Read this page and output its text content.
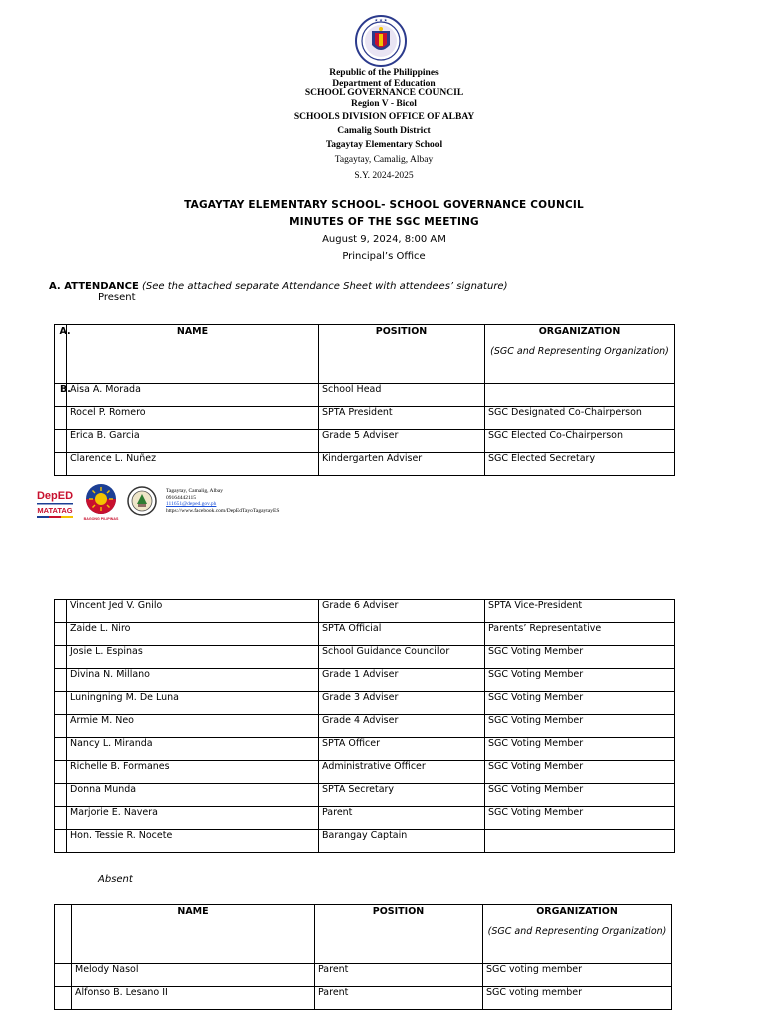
★ ★ ★
Republic of the Philippines
Department of Education
SCHOOL GOVERNANCE COUNCIL
Region V - Bicol
SCHOOLS DIVISION OFFICE OF ALBAY
Camalig South District
Tagaytay Elementary School
Tagaytay, Camalig, Albay
S.Y. 2024-2025
TAGAYTAY ELEMENTARY SCHOOL- SCHOOL GOVERNANCE COUNCIL
MINUTES OF THE SGC MEETING
August 9, 2024, 8:00 AM
Principal’s Office
A. ATTENDANCE (See the attached separate Attendance Sheet with attendees’ signature)
Present
A.	NAME	POSITION	ORGANIZATION
(SGC and Representing Organization)

B.	Aisa A. Morada	School Head	
	Rocel P. Romero	SPTA President	SGC Designated Co-Chairperson
	Erica B. Garcia	Grade 5 Adviser	SGC Elected Co-Chairperson
	Clarence L. Nuñez	Kindergarten Adviser	SGC Elected Secretary
DepED
MATATAG
BAGONG PILIPINAS
Tagaytay, Camalig, Albay
09164442115
111651@deped.gov.ph
https://www.facebook.com/DepEdTayoTagaytayES
	Vincent Jed V. Gnilo	Grade 6 Adviser	SPTA Vice-President
	Zaide L. Niro	SPTA Official	Parents’ Representative
	Josie L. Espinas	School Guidance Councilor	SGC Voting Member
	Divina N. Millano	Grade 1 Adviser	SGC Voting Member
	Luningning M. De Luna	Grade 3 Adviser	SGC Voting Member
	Armie M. Neo	Grade 4 Adviser	SGC Voting Member
	Nancy L. Miranda	SPTA Officer	SGC Voting Member
	Richelle B. Formanes	Administrative Officer	SGC Voting Member
	Donna Munda	SPTA Secretary	SGC Voting Member
	Marjorie E. Navera	Parent	SGC Voting Member
	Hon. Tessie R. Nocete	Barangay Captain	
Absent
	NAME	POSITION	ORGANIZATION
(SGC and Representing Organization)

	Melody Nasol	Parent	SGC voting member
	Alfonso B. Lesano II	Parent	SGC voting member
